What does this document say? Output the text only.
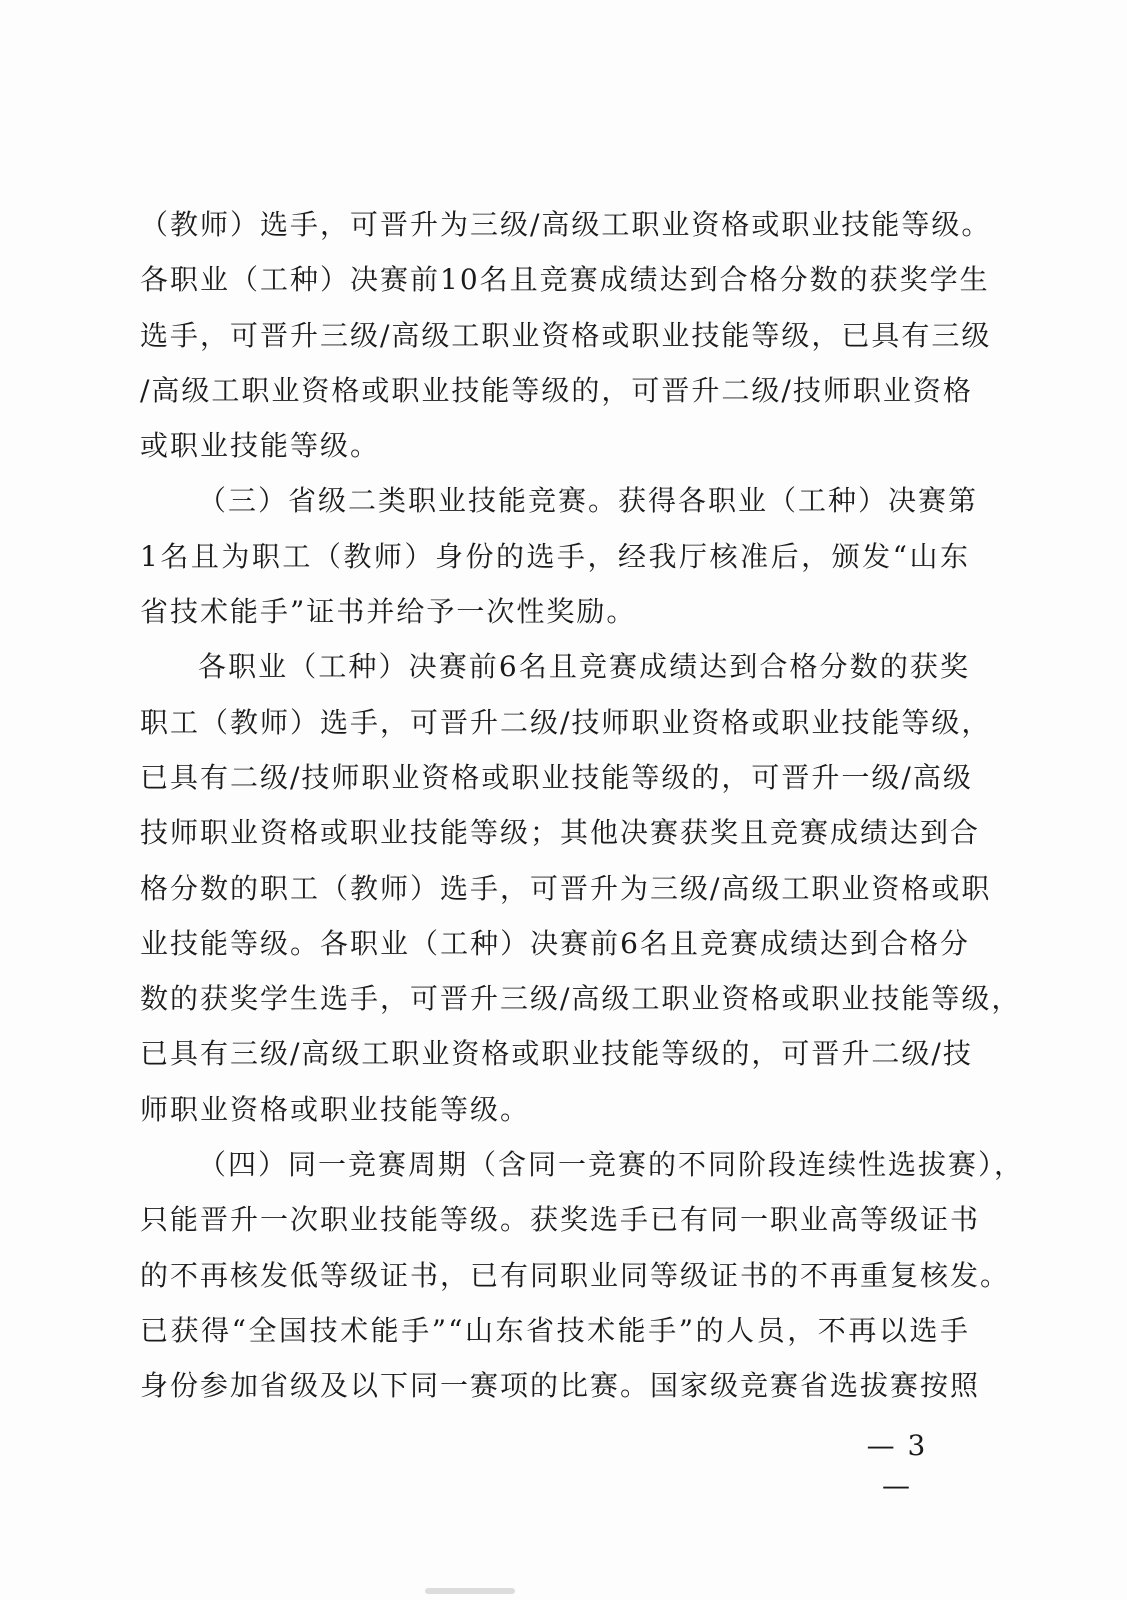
（教师）选手，可晋升为三级/高级工职业资格或职业技能等级。
各职业（工种）决赛前10名且竞赛成绩达到合格分数的获奖学生
选手，可晋升三级/高级工职业资格或职业技能等级，已具有三级
/高级工职业资格或职业技能等级的，可晋升二级/技师职业资格
或职业技能等级。
（三）省级二类职业技能竞赛。获得各职业（工种）决赛第
1名且为职工（教师）身份的选手，经我厅核准后，颁发“山东
省技术能手”证书并给予一次性奖励。
各职业（工种）决赛前6名且竞赛成绩达到合格分数的获奖
职工（教师）选手，可晋升二级/技师职业资格或职业技能等级，
已具有二级/技师职业资格或职业技能等级的，可晋升一级/高级
技师职业资格或职业技能等级；其他决赛获奖且竞赛成绩达到合
格分数的职工（教师）选手，可晋升为三级/高级工职业资格或职
业技能等级。各职业（工种）决赛前6名且竞赛成绩达到合格分
数的获奖学生选手，可晋升三级/高级工职业资格或职业技能等级，
已具有三级/高级工职业资格或职业技能等级的，可晋升二级/技
师职业资格或职业技能等级。
（四）同一竞赛周期（含同一竞赛的不同阶段连续性选拔赛），
只能晋升一次职业技能等级。获奖选手已有同一职业高等级证书
的不再核发低等级证书，已有同职业同等级证书的不再重复核发。
已获得“全国技术能手”“山东省技术能手”的人员，不再以选手
身份参加省级及以下同一赛项的比赛。国家级竞赛省选拔赛按照
— 3 —
